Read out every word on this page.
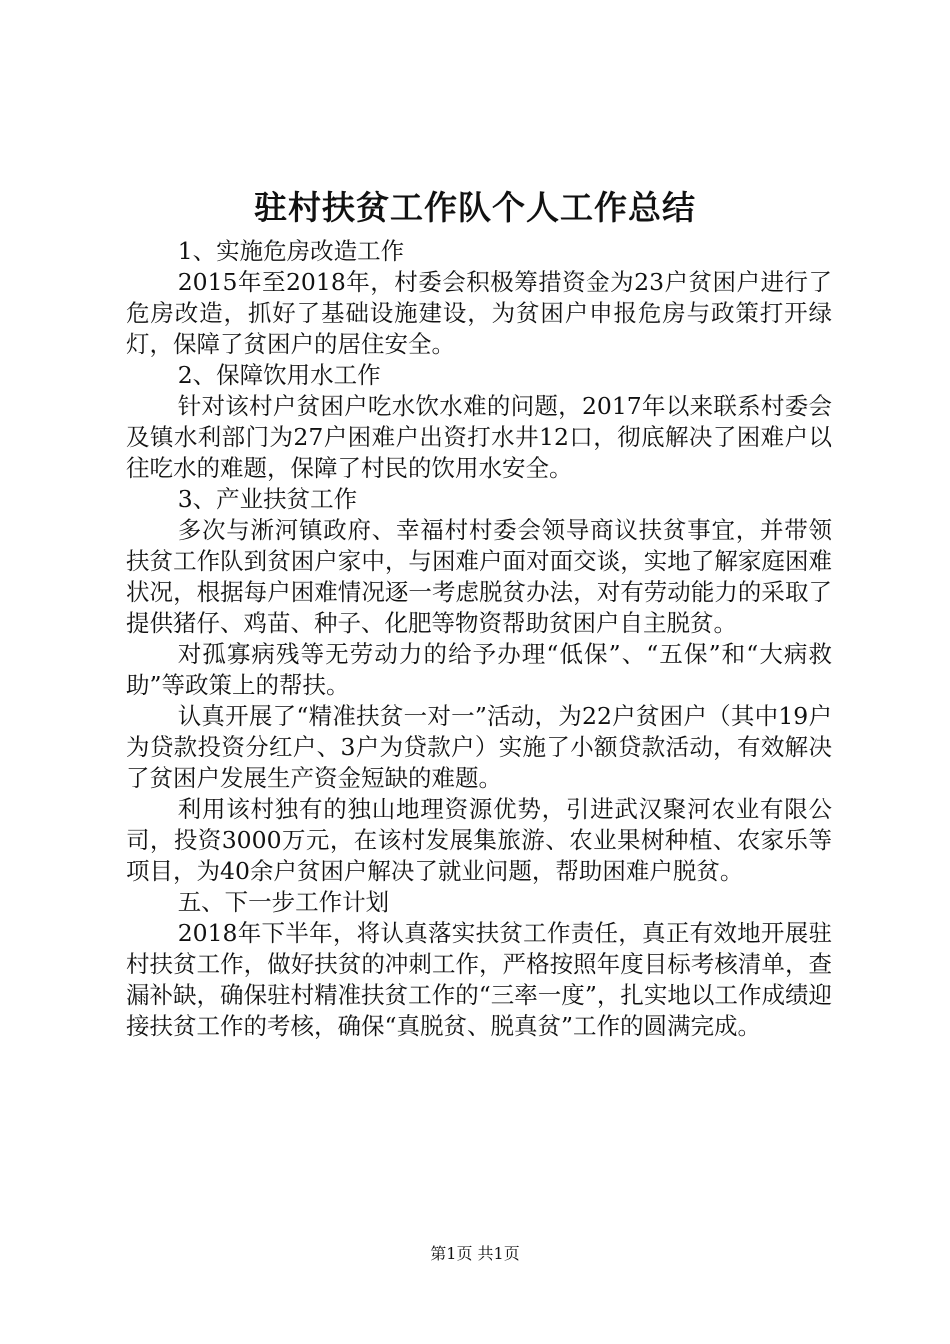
驻村扶贫工作队个人工作总结

1、实施危房改造工作

2015年至2018年，村委会积极筹措资金为23户贫困户进行了危房改造，抓好了基础设施建设，为贫困户申报危房与政策打开绿灯，保障了贫困户的居住安全。

2、保障饮用水工作

针对该村户贫困户吃水饮水难的问题，2017年以来联系村委会及镇水利部门为27户困难户出资打水井12口，彻底解决了困难户以往吃水的难题，保障了村民的饮用水安全。

3、产业扶贫工作

多次与淅河镇政府、幸福村村委会领导商议扶贫事宜，并带领扶贫工作队到贫困户家中，与困难户面对面交谈，实地了解家庭困难状况，根据每户困难情况逐一考虑脱贫办法，对有劳动能力的采取了提供猪仔、鸡苗、种子、化肥等物资帮助贫困户自主脱贫。

对孤寡病残等无劳动力的给予办理“低保”、“五保”和“大病救助”等政策上的帮扶。

认真开展了“精准扶贫一对一”活动，为22户贫困户（其中19户为贷款投资分红户、3户为贷款户）实施了小额贷款活动，有效解决了贫困户发展生产资金短缺的难题。

利用该村独有的独山地理资源优势，引进武汉聚河农业有限公司，投资3000万元，在该村发展集旅游、农业果树种植、农家乐等项目，为40余户贫困户解决了就业问题，帮助困难户脱贫。

五、下一步工作计划

2018年下半年，将认真落实扶贫工作责任，真正有效地开展驻村扶贫工作，做好扶贫的冲刺工作，严格按照年度目标考核清单，查漏补缺，确保驻村精准扶贫工作的“三率一度”，扎实地以工作成绩迎接扶贫工作的考核，确保“真脱贫、脱真贫”工作的圆满完成。

第1页 共1页
